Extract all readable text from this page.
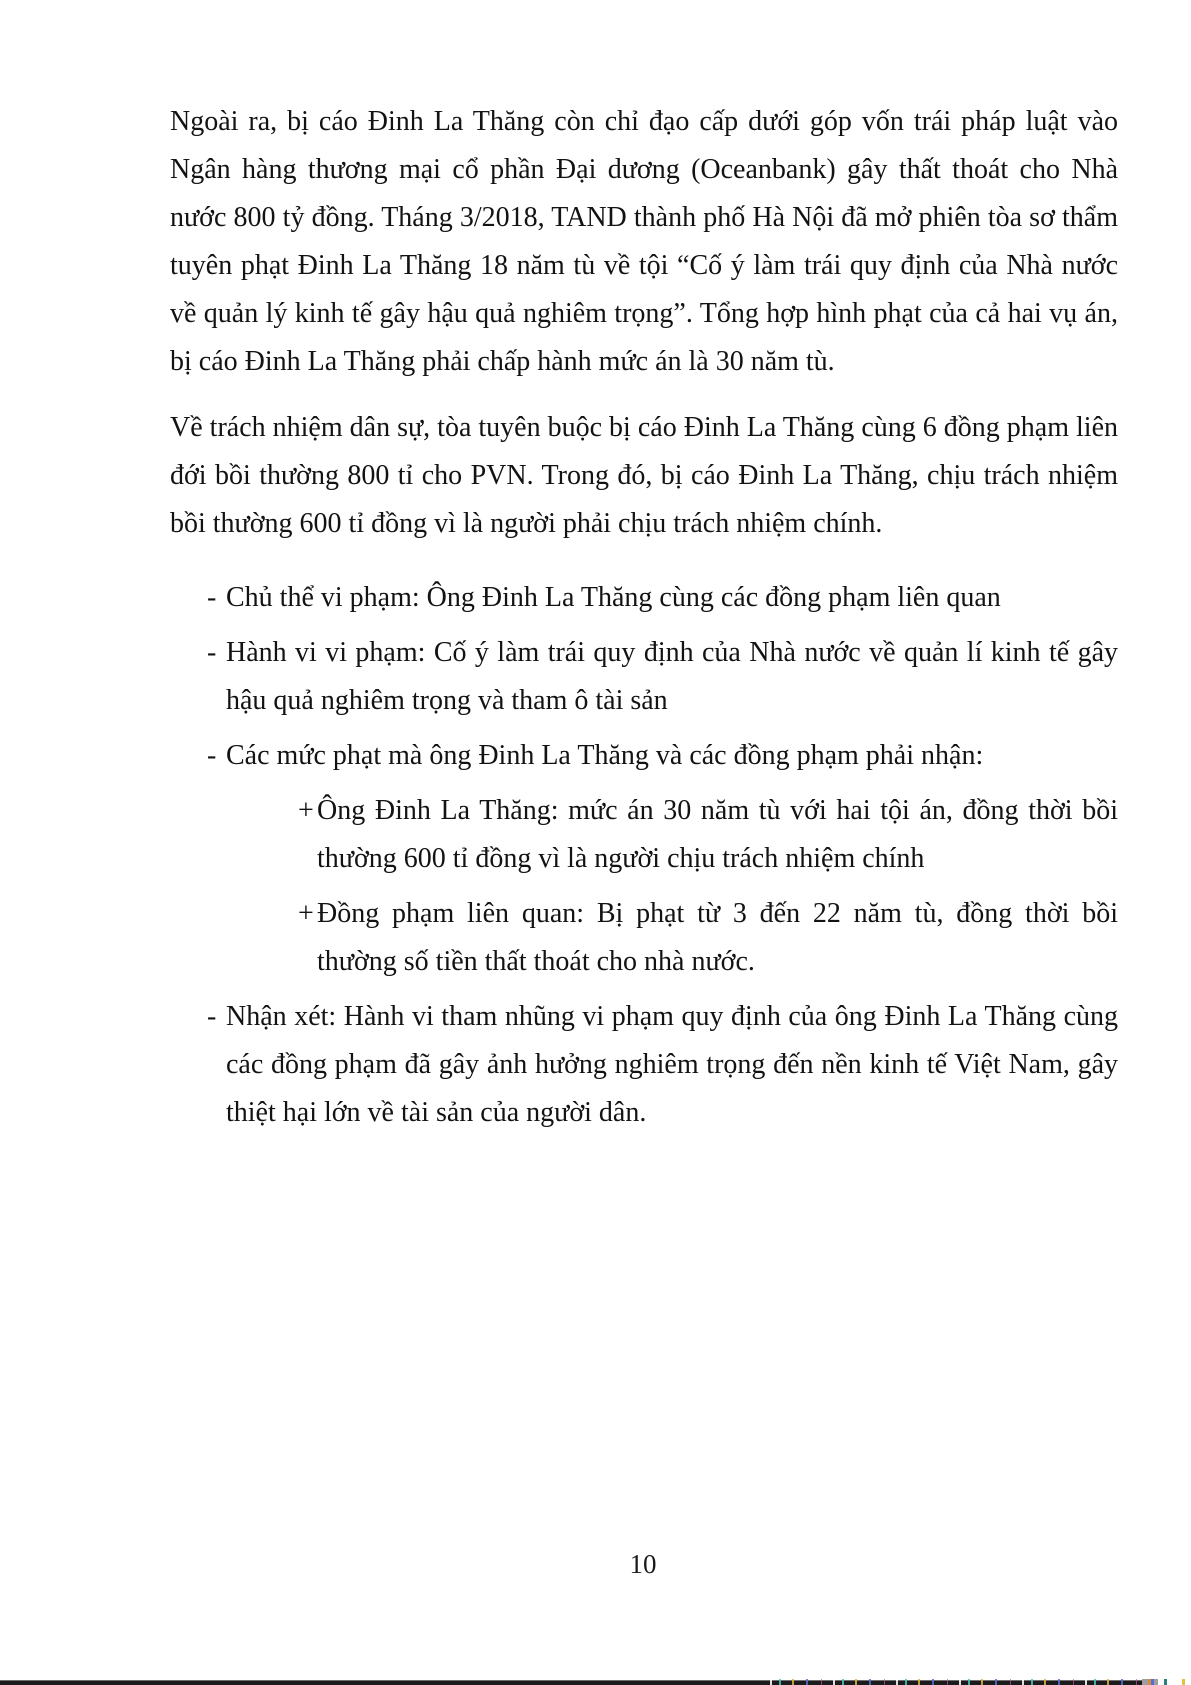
Ngoài ra, bị cáo Đinh La Thăng còn chỉ đạo cấp dưới góp vốn trái pháp luật vào Ngân hàng thương mại cổ phần Đại dương (Oceanbank) gây thất thoát cho Nhà nước 800 tỷ đồng. Tháng 3/2018, TAND thành phố Hà Nội đã mở phiên tòa sơ thẩm tuyên phạt Đinh La Thăng 18 năm tù về tội “Cố ý làm trái quy định của Nhà nước về quản lý kinh tế gây hậu quả nghiêm trọng”. Tổng hợp hình phạt của cả hai vụ án, bị cáo Đinh La Thăng phải chấp hành mức án là 30 năm tù.

Về trách nhiệm dân sự, tòa tuyên buộc bị cáo Đinh La Thăng cùng 6 đồng phạm liên đới bồi thường 800 tỉ cho PVN. Trong đó, bị cáo Đinh La Thăng, chịu trách nhiệm bồi thường 600 tỉ đồng vì là người phải chịu trách nhiệm chính.

- Chủ thể vi phạm: Ông Đinh La Thăng cùng các đồng phạm liên quan
- Hành vi vi phạm: Cố ý làm trái quy định của Nhà nước về quản lí kinh tế gây hậu quả nghiêm trọng và tham ô tài sản
- Các mức phạt mà ông Đinh La Thăng và các đồng phạm phải nhận:
+ Ông Đinh La Thăng: mức án 30 năm tù với hai tội án, đồng thời bồi thường 600 tỉ đồng vì là người chịu trách nhiệm chính
+ Đồng phạm liên quan: Bị phạt từ 3 đến 22 năm tù, đồng thời bồi thường số tiền thất thoát cho nhà nước.
- Nhận xét: Hành vi tham nhũng vi phạm quy định của ông Đinh La Thăng cùng các đồng phạm đã gây ảnh hưởng nghiêm trọng đến nền kinh tế Việt Nam, gây thiệt hại lớn về tài sản của người dân.
10
